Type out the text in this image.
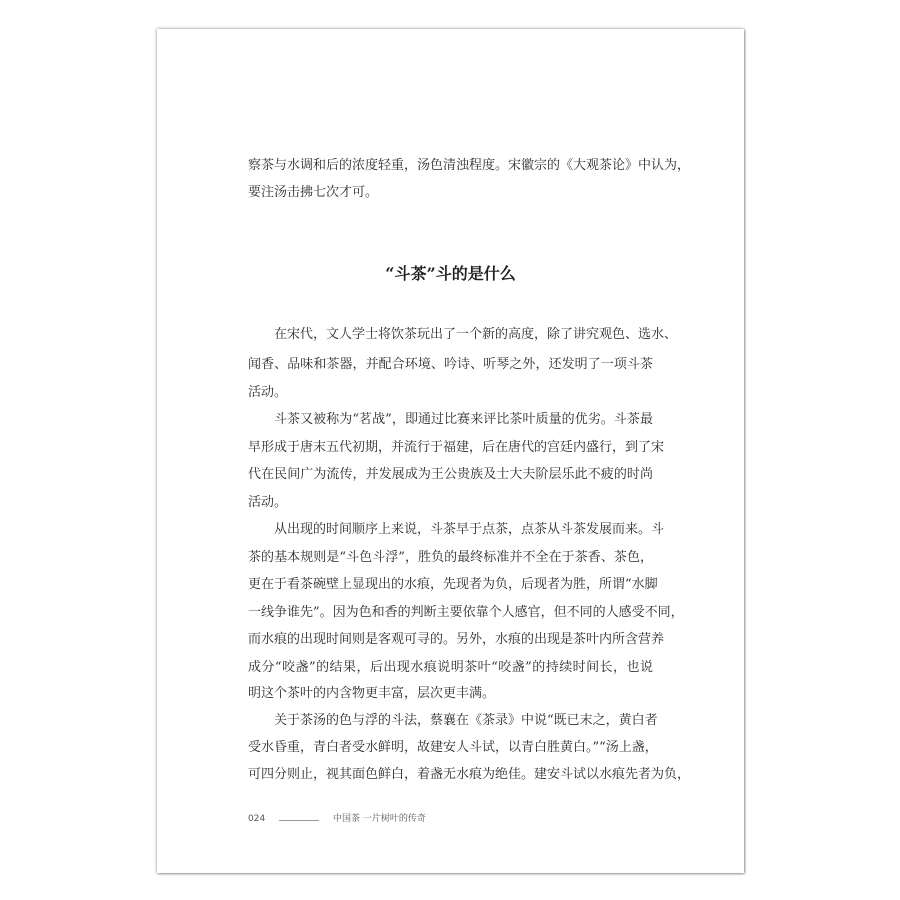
察茶与水调和后的浓度轻重，汤色清浊程度。宋徽宗的《大观茶论》中认为，
要注汤击拂七次才可。
“斗茶”斗的是什么
在宋代，文人学士将饮茶玩出了一个新的高度，除了讲究观色、选水、
闻香、品味和茶器，并配合环境、吟诗、听琴之外，还发明了一项斗茶
活动。
斗茶又被称为“茗战”，即通过比赛来评比茶叶质量的优劣。斗茶最
早形成于唐末五代初期，并流行于福建，后在唐代的宫廷内盛行，到了宋
代在民间广为流传，并发展成为王公贵族及士大夫阶层乐此不疲的时尚
活动。
从出现的时间顺序上来说，斗茶早于点茶，点茶从斗茶发展而来。斗
茶的基本规则是“斗色斗浮”，胜负的最终标准并不全在于茶香、茶色，
更在于看茶碗壁上显现出的水痕，先现者为负，后现者为胜，所谓“水脚
一线争谁先”。因为色和香的判断主要依靠个人感官，但不同的人感受不同，
而水痕的出现时间则是客观可寻的。另外，水痕的出现是茶叶内所含营养
成分“咬盏”的结果，后出现水痕说明茶叶“咬盏”的持续时间长，也说
明这个茶叶的内含物更丰富，层次更丰满。
关于茶汤的色与浮的斗法，蔡襄在《茶录》中说“既已末之，黄白者
受水昏重，青白者受水鲜明，故建安人斗试，以青白胜黄白。”“汤上盏，
可四分则止，视其面色鲜白，着盏无水痕为绝佳。建安斗试以水痕先者为负，
024	中国茶 一片树叶的传奇
